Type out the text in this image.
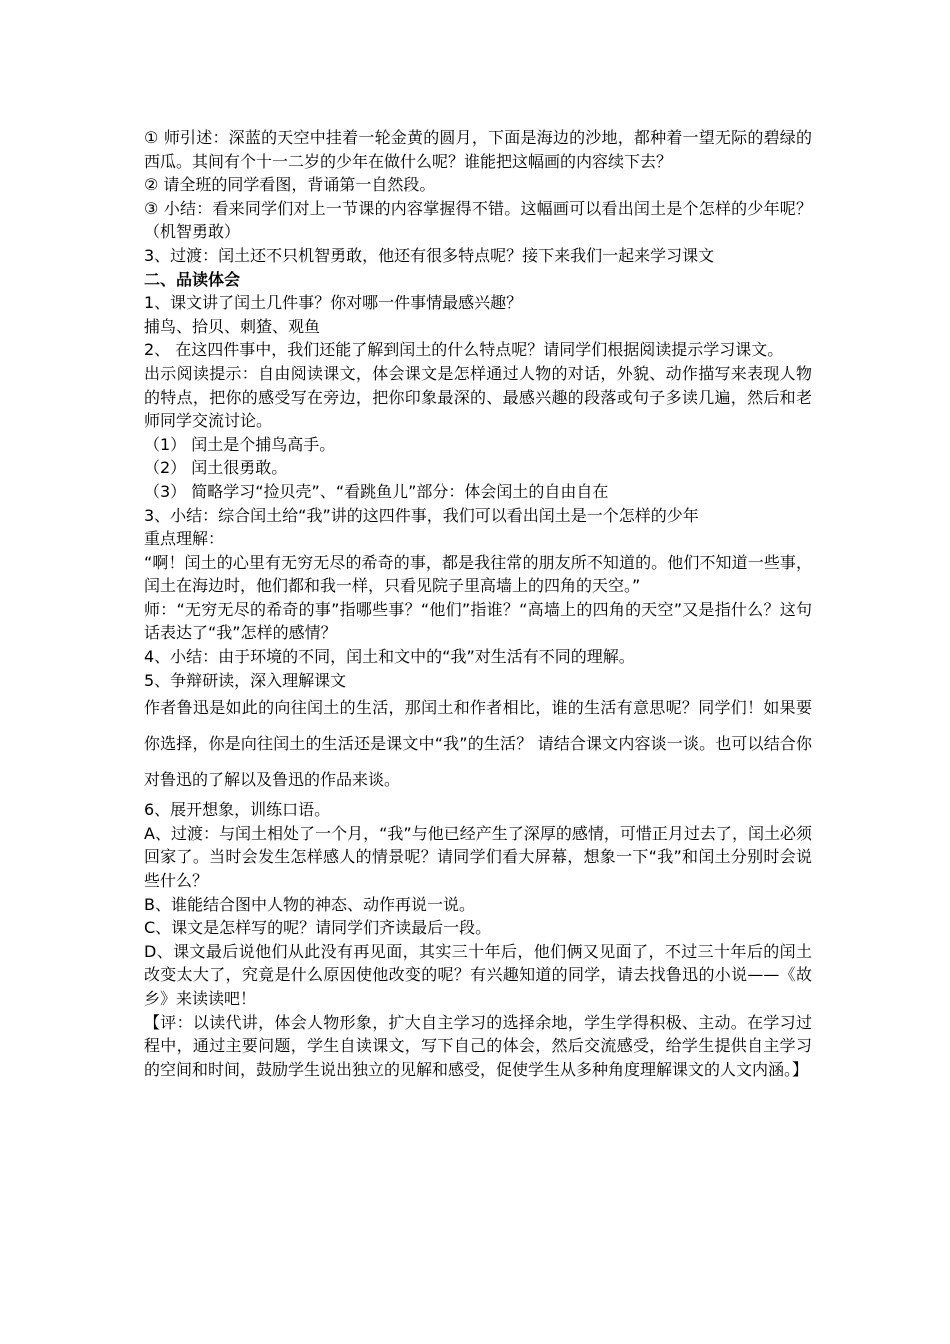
① 师引述：深蓝的天空中挂着一轮金黄的圆月，下面是海边的沙地，都种着一望无际的碧绿的西瓜。其间有个十一二岁的少年在做什么呢？谁能把这幅画的内容续下去？

② 请全班的同学看图，背诵第一自然段。

③ 小结：看来同学们对上一节课的内容掌握得不错。这幅画可以看出闰土是个怎样的少年呢？（机智勇敢）

3、过渡：闰土还不只机智勇敢，他还有很多特点呢？接下来我们一起来学习课文

二、品读体会

1、课文讲了闰土几件事？你对哪一件事情最感兴趣？

捕鸟、拾贝、刺猹、观鱼

2、 在这四件事中，我们还能了解到闰土的什么特点呢？请同学们根据阅读提示学习课文。

出示阅读提示：自由阅读课文，体会课文是怎样通过人物的对话，外貌、动作描写来表现人物的特点，把你的感受写在旁边，把你印象最深的、最感兴趣的段落或句子多读几遍，然后和老师同学交流讨论。

（1） 闰土是个捕鸟高手。

（2） 闰土很勇敢。

（3） 简略学习“捡贝壳”、“看跳鱼儿”部分：体会闰土的自由自在

3、小结：综合闰土给“我”讲的这四件事，我们可以看出闰土是一个怎样的少年

重点理解：

“啊！闰土的心里有无穷无尽的希奇的事，都是我往常的朋友所不知道的。他们不知道一些事，闰土在海边时，他们都和我一样，只看见院子里高墙上的四角的天空。”

师：“无穷无尽的希奇的事”指哪些事？“他们”指谁？“高墙上的四角的天空”又是指什么？这句话表达了“我”怎样的感情？

4、小结：由于环境的不同，闰土和文中的“我”对生活有不同的理解。

5、争辩研读，深入理解课文

作者鲁迅是如此的向往闰土的生活，那闰土和作者相比，谁的生活有意思呢？同学们！如果要你选择，你是向往闰土的生活还是课文中“我”的生活？ 请结合课文内容谈一谈。也可以结合你对鲁迅的了解以及鲁迅的作品来谈。

6、展开想象，训练口语。

A、过渡：与闰土相处了一个月，“我”与他已经产生了深厚的感情，可惜正月过去了，闰土必须回家了。当时会发生怎样感人的情景呢？请同学们看大屏幕，想象一下“我”和闰土分别时会说些什么？

B、谁能结合图中人物的神态、动作再说一说。

C、课文是怎样写的呢？请同学们齐读最后一段。

D、课文最后说他们从此没有再见面，其实三十年后，他们俩又见面了，不过三十年后的闰土改变太大了，究竟是什么原因使他改变的呢？有兴趣知道的同学，请去找鲁迅的小说——《故乡》来读读吧！

【评：以读代讲，体会人物形象，扩大自主学习的选择余地，学生学得积极、主动。在学习过程中，通过主要问题，学生自读课文，写下自己的体会，然后交流感受，给学生提供自主学习的空间和时间，鼓励学生说出独立的见解和感受，促使学生从多种角度理解课文的人文内涵。】
